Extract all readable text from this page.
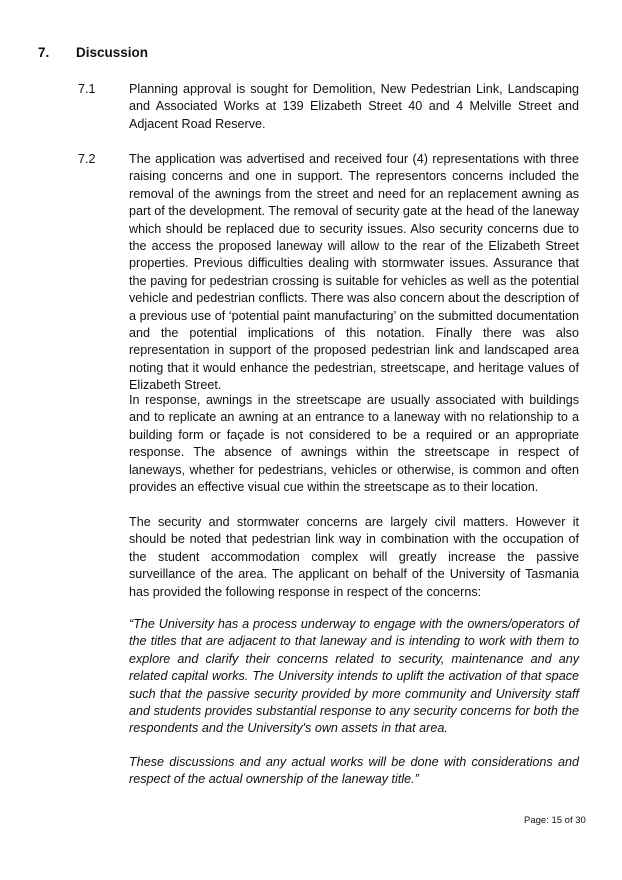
7. Discussion
7.1	Planning approval is sought for Demolition, New Pedestrian Link, Landscaping and Associated Works at 139 Elizabeth Street 40 and 4 Melville Street and Adjacent Road Reserve.

7.2	The application was advertised and received four (4) representations with three raising concerns and one in support. The representors concerns included the removal of the awnings from the street and need for an replacement awning as part of the development. The removal of security gate at the head of the laneway which should be replaced due to security issues. Also security concerns due to the access the proposed laneway will allow to the rear of the Elizabeth Street properties. Previous difficulties dealing with stormwater issues. Assurance that the paving for pedestrian crossing is suitable for vehicles as well as the potential vehicle and pedestrian conflicts. There was also concern about the description of a previous use of ‘potential paint manufacturing’ on the submitted documentation and the potential implications of this notation. Finally there was also representation in support of the proposed pedestrian link and landscaped area noting that it would enhance the pedestrian, streetscape, and heritage values of Elizabeth Street.

In response, awnings in the streetscape are usually associated with buildings and to replicate an awning at an entrance to a laneway with no relationship to a building form or façade is not considered to be a required or an appropriate response. The absence of awnings within the streetscape in respect of laneways, whether for pedestrians, vehicles or otherwise, is common and often provides an effective visual cue within the streetscape as to their location.

The security and stormwater concerns are largely civil matters. However it should be noted that pedestrian link way in combination with the occupation of the student accommodation complex will greatly increase the passive surveillance of the area. The applicant on behalf of the University of Tasmania has provided the following response in respect of the concerns:

“The University has a process underway to engage with the owners/operators of the titles that are adjacent to that laneway and is intending to work with them to explore and clarify their concerns related to security, maintenance and any related capital works. The University intends to uplift the activation of that space such that the passive security provided by more community and University staff and students provides substantial response to any security concerns for both the respondents and the University's own assets in that area.

These discussions and any actual works will be done with considerations and respect of the actual ownership of the laneway title.”

Page: 15 of 30
